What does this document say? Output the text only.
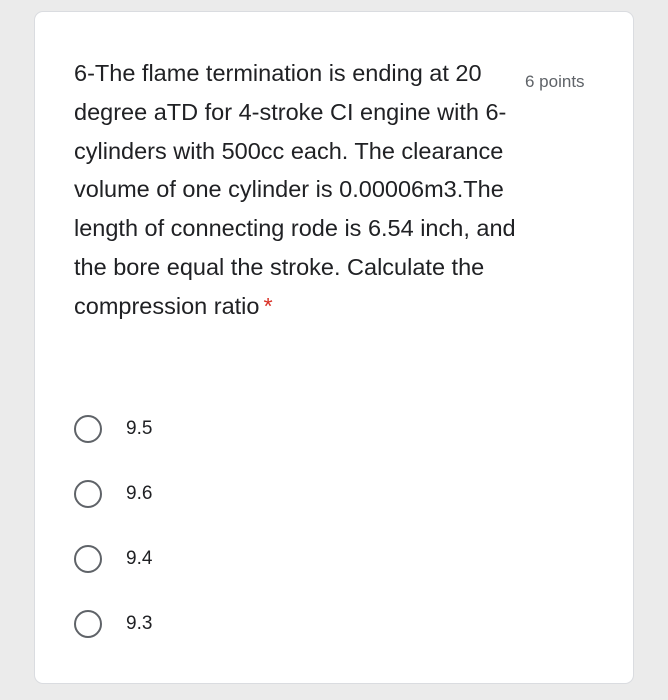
6-The flame termination is ending at 20 degree aTD for 4-stroke CI engine with 6-cylinders with 500cc each. The clearance volume of one cylinder is 0.00006m3.The length of connecting rode is 6.54 inch, and the bore equal the stroke. Calculate the compression ratio *
6 points
9.5
9.6
9.4
9.3
